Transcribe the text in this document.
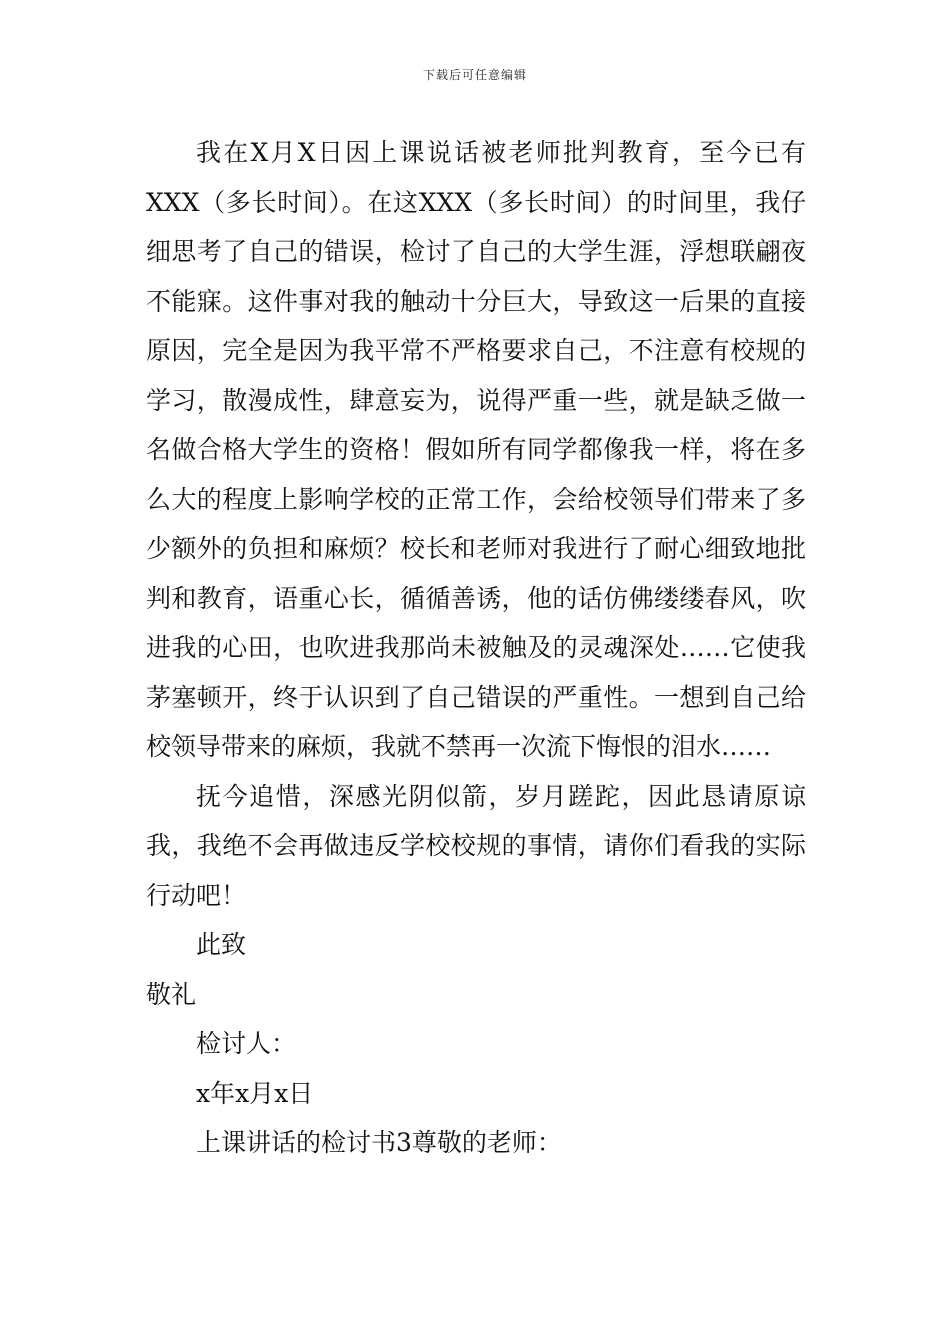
下载后可任意编辑

我在X月X日因上课说话被老师批判教育，至今已有XXX（多长时间）。在这XXX（多长时间）的时间里，我仔细思考了自己的错误，检讨了自己的大学生涯，浮想联翩夜不能寐。这件事对我的触动十分巨大，导致这一后果的直接原因，完全是因为我平常不严格要求自己，不注意有校规的学习，散漫成性，肆意妄为，说得严重一些，就是缺乏做一名做合格大学生的资格！假如所有同学都像我一样，将在多么大的程度上影响学校的正常工作，会给校领导们带来了多少额外的负担和麻烦？校长和老师对我进行了耐心细致地批判和教育，语重心长，循循善诱，他的话仿佛缕缕春风，吹进我的心田，也吹进我那尚未被触及的灵魂深处……它使我茅塞顿开，终于认识到了自己错误的严重性。一想到自己给校领导带来的麻烦，我就不禁再一次流下悔恨的泪水……

抚今追惜，深感光阴似箭，岁月蹉跎，因此恳请原谅我，我绝不会再做违反学校校规的事情，请你们看我的实际行动吧！

此致

敬礼

检讨人：

x年x月x日

上课讲话的检讨书3尊敬的老师：
